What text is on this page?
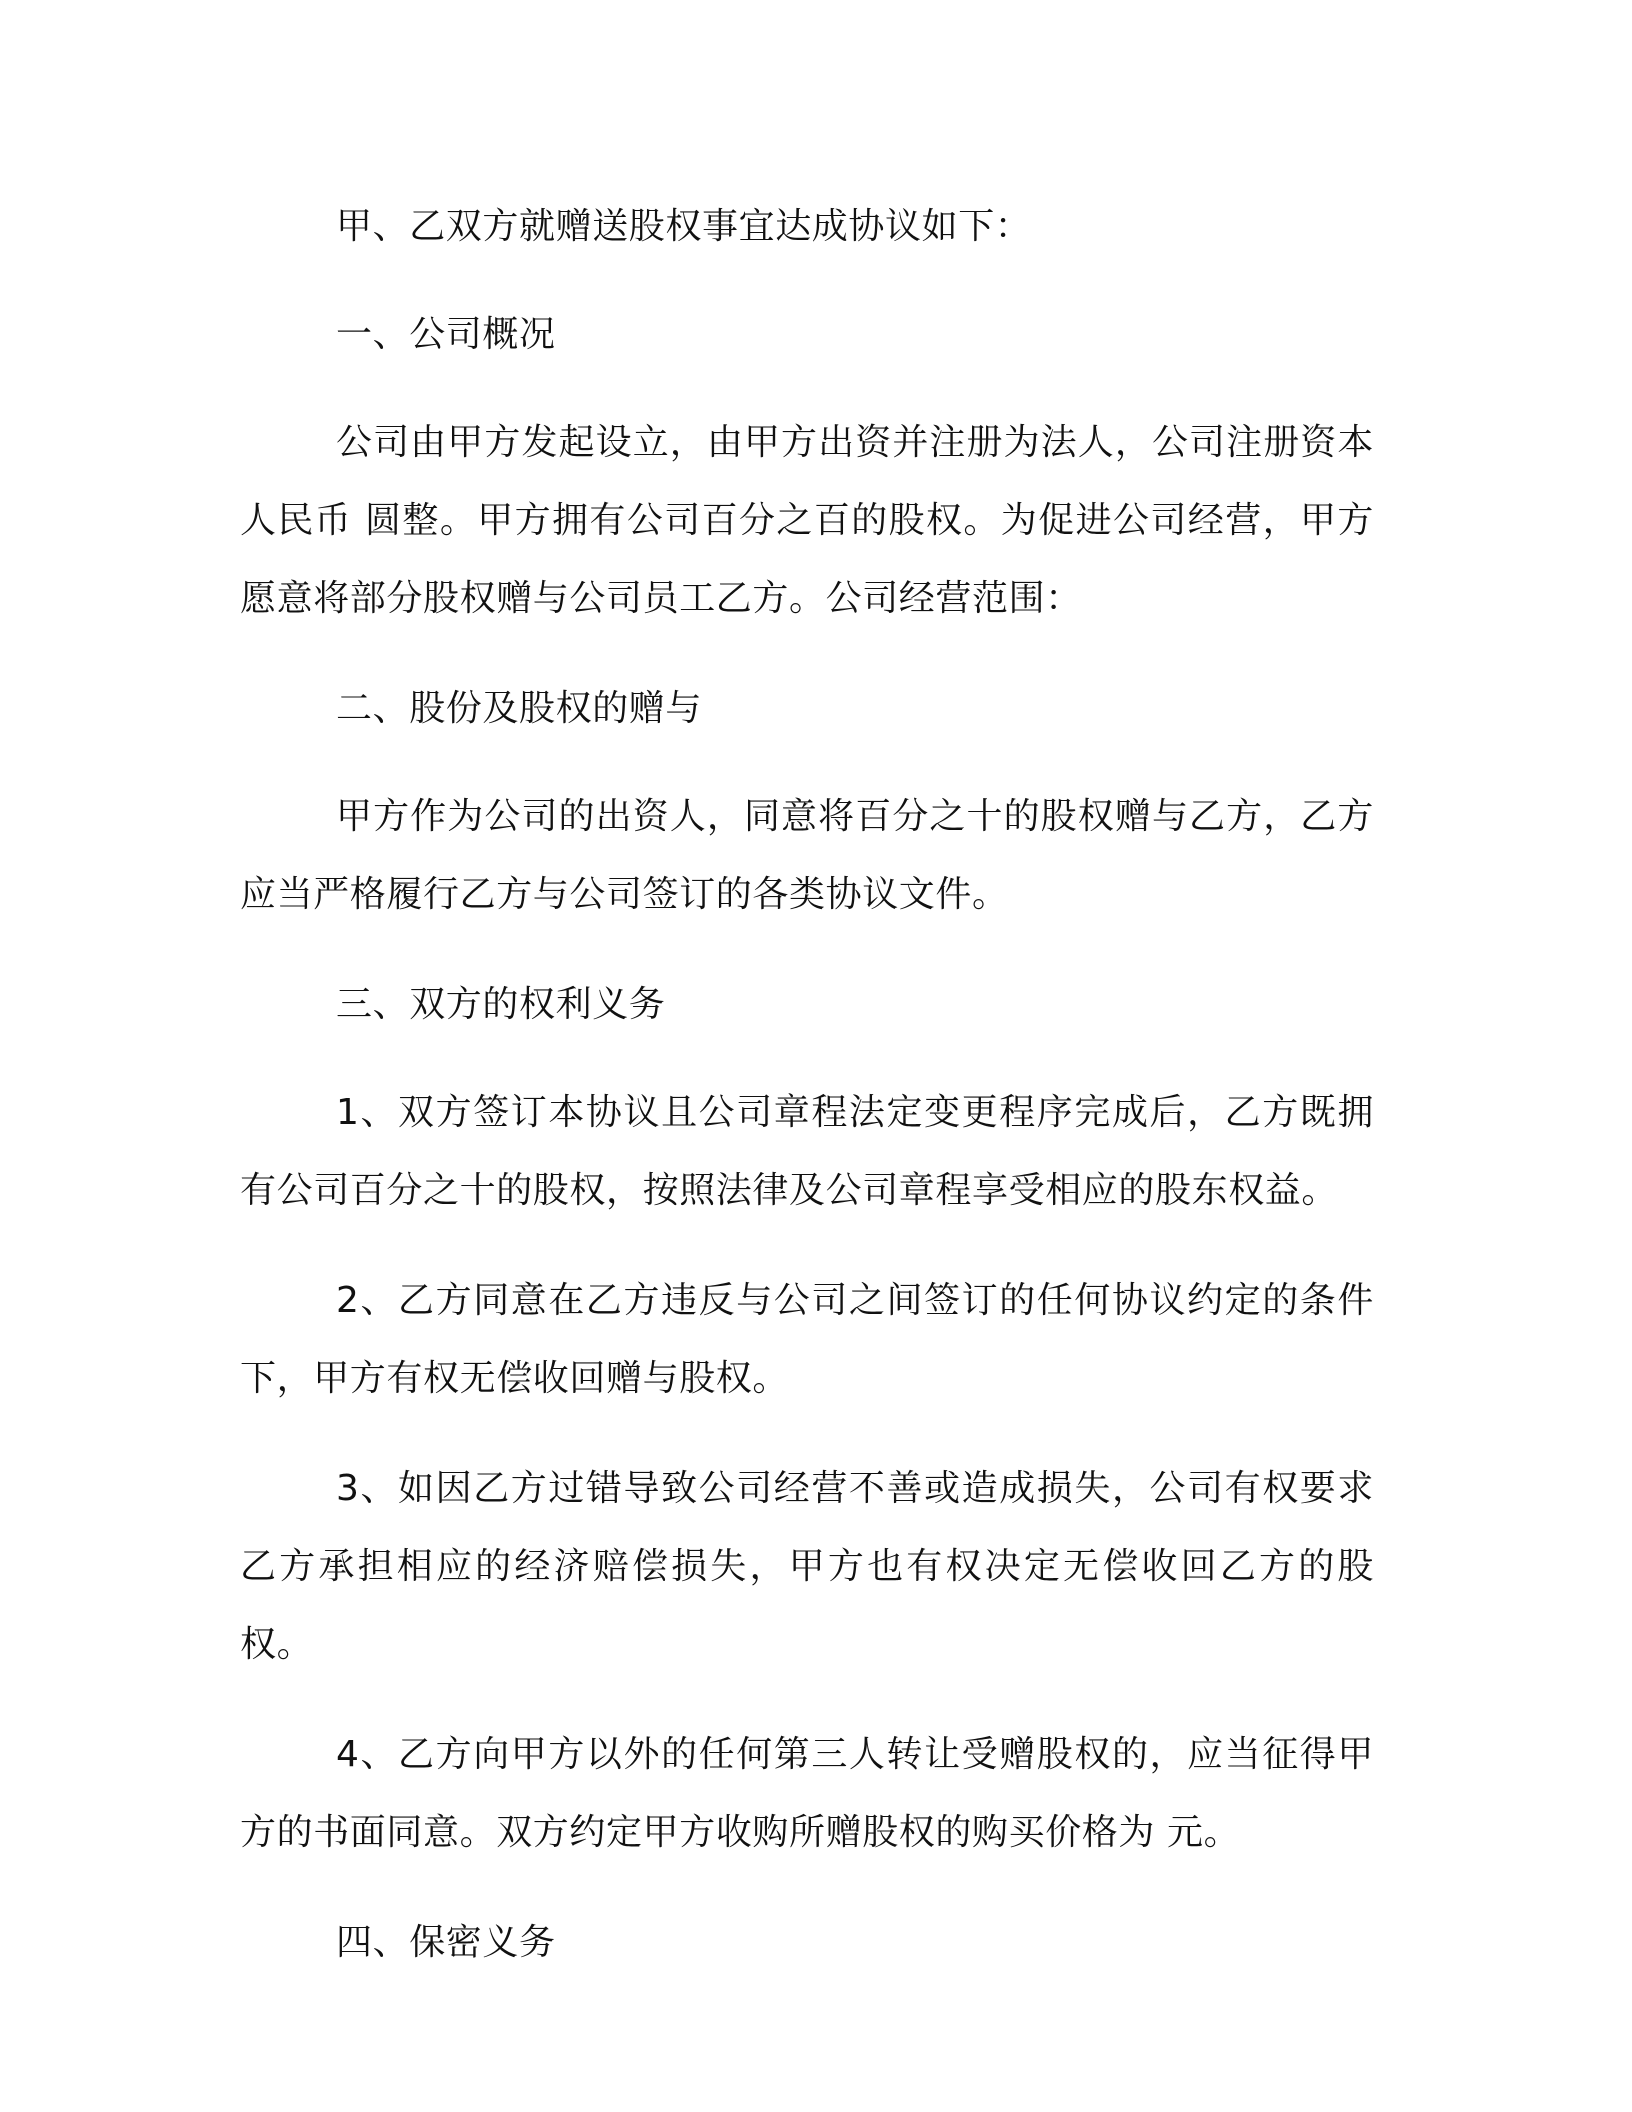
甲、乙双方就赠送股权事宜达成协议如下：

一、公司概况

公司由甲方发起设立，由甲方出资并注册为法人，公司注册资本人民币 圆整。甲方拥有公司百分之百的股权。为促进公司经营，甲方愿意将部分股权赠与公司员工乙方。公司经营范围：

二、股份及股权的赠与

甲方作为公司的出资人，同意将百分之十的股权赠与乙方，乙方应当严格履行乙方与公司签订的各类协议文件。

三、双方的权利义务

1、双方签订本协议且公司章程法定变更程序完成后，乙方既拥有公司百分之十的股权，按照法律及公司章程享受相应的股东权益。

2、乙方同意在乙方违反与公司之间签订的任何协议约定的条件下，甲方有权无偿收回赠与股权。

3、如因乙方过错导致公司经营不善或造成损失，公司有权要求乙方承担相应的经济赔偿损失，甲方也有权决定无偿收回乙方的股权。

4、乙方向甲方以外的任何第三人转让受赠股权的，应当征得甲方的书面同意。双方约定甲方收购所赠股权的购买价格为 元。

四、保密义务
